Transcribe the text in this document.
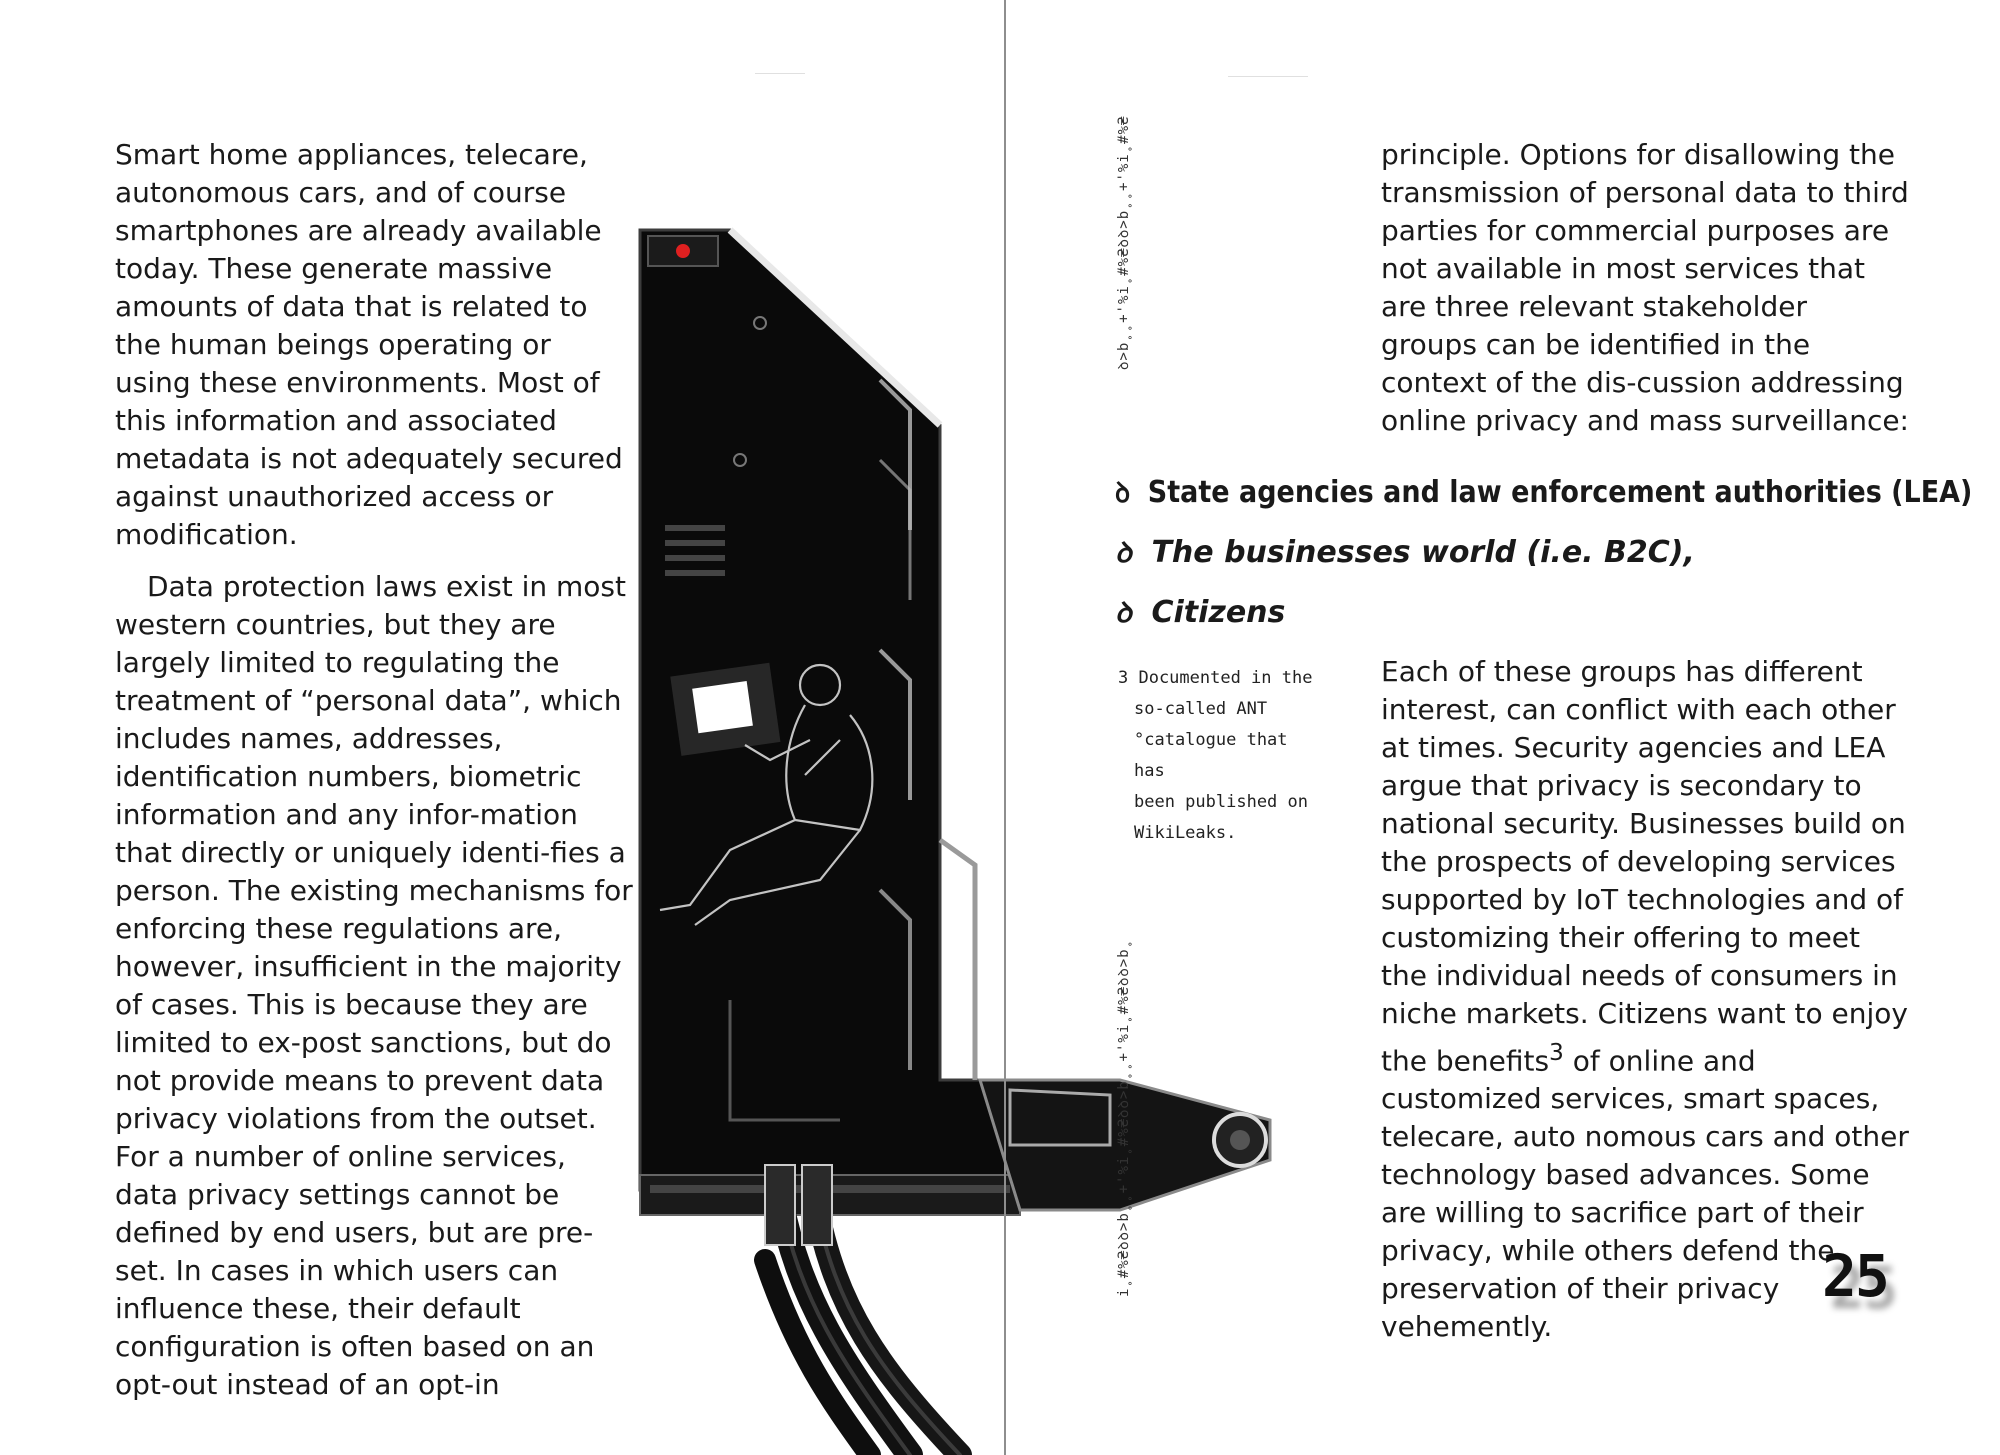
Smart home appliances, telecare, autonomous cars, and of course smartphones are already available today. These generate massive amounts of data that is related to the human beings operating or using these environments. Most of this information and associated metadata is not adequately secured against unauthorized access or modification.

Data protection laws exist in most western countries, but they are largely limited to regulating the treatment of “personal data”, which includes names, addresses, identification numbers, biometric information and any infor-mation that directly or uniquely identi-fies a person. The existing mechanisms for enforcing these regulations are, however, insufficient in the majority of cases. This is because they are limited to ex-post sanctions, but do not provide means to prevent data privacy violations from the outset. For a number of online services, data privacy settings cannot be defined by end users, but are pre-set. In cases in which users can influence these, their default configuration is often based on an opt-out instead of an opt-in

ꝺ>b˳˳+'%i˳#%₴ꝺꝺ>b˳˳+'%i˳#%₴
i˳#%₴ꝺꝺ>b˳˳+'%i˳#%₴ꝺꝺ>b˳˳+'%i˳#%₴ꝺꝺ>b˳

principle. Options for disallowing the transmission of personal data to third parties for commercial purposes are not available in most services that are three relevant stakeholder groups can be identified in the context of the dis-cussion addressing online privacy and mass surveillance:

ꝺ State agencies and law enforcement authorities (LEA)
ꝺ The businesses world (i.e. B2C),
ꝺ Citizens
3 Documented in the
so-called ANT
°catalogue that has
been published on
WikiLeaks.

Each of these groups has different interest, can conflict with each other at times. Security agencies and LEA argue that privacy is secondary to national security. Businesses build on the prospects of developing services supported by IoT technologies and of customizing their offering to meet the individual needs of consumers in niche markets. Citizens want to enjoy the benefits$^3$ of online and customized services, smart spaces, telecare, auto nomous cars and other technology based advances. Some are willing to sacrifice part of their privacy, while others defend the preservation of their privacy vehemently.

25
